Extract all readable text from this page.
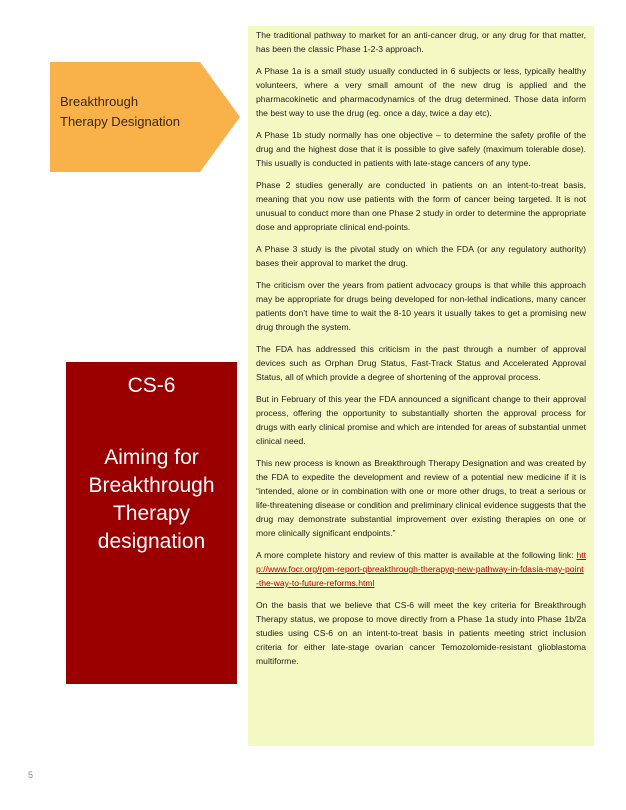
Breakthrough
Therapy Designation
CS-6
Aiming for Breakthrough Therapy designation

The traditional pathway to market for an anti-cancer drug, or any drug for that matter, has been the classic Phase 1-2-3 approach.

A Phase 1a is a small study usually conducted in 6 subjects or less, typically healthy volunteers, where a very small amount of the new drug is applied and the pharmacokinetic and pharmacodynamics of the drug determined. Those data inform the best way to use the drug (eg. once a day, twice a day etc).

A Phase 1b study normally has one objective – to determine the safety profile of the drug and the highest dose that it is possible to give safely (maximum tolerable dose). This usually is conducted in patients with late-stage cancers of any type.

Phase 2 studies generally are conducted in patients on an intent-to-treat basis, meaning that you now use patients with the form of cancer being targeted. It is not unusual to conduct more than one Phase 2 study in order to determine the appropriate dose and appropriate clinical end-points.

A Phase 3 study is the pivotal study on which the FDA (or any regulatory authority) bases their approval to market the drug.

The criticism over the years from patient advocacy groups is that while this approach may be appropriate for drugs being developed for non-lethal indications, many cancer patients don’t have time to wait the 8-10 years it usually takes to get a promising new drug through the system.

The FDA has addressed this criticism in the past through a number of approval devices such as Orphan Drug Status, Fast-Track Status and Accelerated Approval Status, all of which provide a degree of shortening of the approval process.

But in February of this year the FDA announced a significant change to their approval process, offering the opportunity to substantially shorten the approval process for drugs with early clinical promise and which are intended for areas of substantial unmet clinical need.

This new process is known as Breakthrough Therapy Designation and was created by the FDA to expedite the development and review of a potential new medicine if it is “intended, alone or in combination with one or more other drugs, to treat a serious or life-threatening disease or condition and preliminary clinical evidence suggests that the drug may demonstrate substantial improvement over existing therapies on one or more clinically significant endpoints.”

A more complete history and review of this matter is available at the following link: http://www.focr.org/rpm-report-qbreakthrough-therapyq-new-pathway-in-fdasia-may-point-the-way-to-future-reforms.html

On the basis that we believe that CS-6 will meet the key criteria for Breakthrough Therapy status, we propose to move directly from a Phase 1a study into Phase 1b/2a studies using CS-6 on an intent-to-treat basis in patients meeting strict inclusion criteria for either late-stage ovarian cancer Temozolomide-resistant glioblastoma multiforme.

5
